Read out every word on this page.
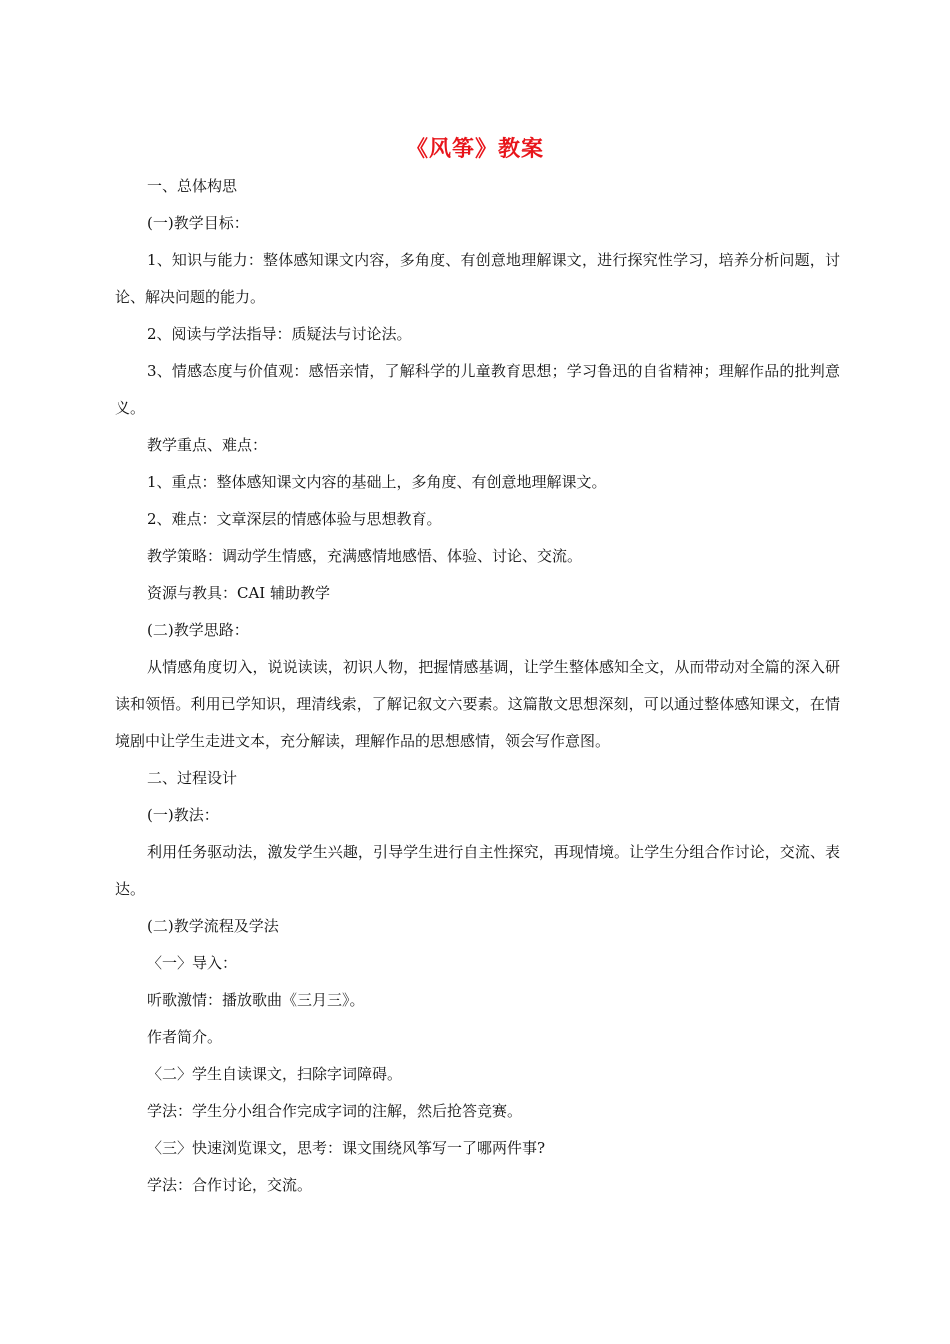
《风筝》教案

一、总体构思

(一)教学目标：

1、知识与能力：整体感知课文内容，多角度、有创意地理解课文，进行探究性学习，培养分析问题，讨论、解决问题的能力。

2、阅读与学法指导：质疑法与讨论法。

3、情感态度与价值观：感悟亲情，了解科学的儿童教育思想；学习鲁迅的自省精神；理解作品的批判意义。

教学重点、难点：

1、重点：整体感知课文内容的基础上，多角度、有创意地理解课文。

2、难点：文章深层的情感体验与思想教育。

教学策略：调动学生情感，充满感情地感悟、体验、讨论、交流。

资源与教具：CAI 辅助教学

(二)教学思路：

从情感角度切入，说说读读，初识人物，把握情感基调，让学生整体感知全文，从而带动对全篇的深入研读和领悟。利用已学知识，理清线索，了解记叙文六要素。这篇散文思想深刻，可以通过整体感知课文，在情境剧中让学生走进文本，充分解读，理解作品的思想感情，领会写作意图。

二、过程设计

(一)教法：

利用任务驱动法，激发学生兴趣，引导学生进行自主性探究，再现情境。让学生分组合作讨论，交流、表达。

(二)教学流程及学法

〈一〉导入：

听歌激情：播放歌曲《三月三》。

作者简介。

〈二〉学生自读课文，扫除字词障碍。

学法：学生分小组合作完成字词的注解，然后抢答竞赛。

〈三〉快速浏览课文，思考：课文围绕风筝写一了哪两件事?

学法：合作讨论，交流。
